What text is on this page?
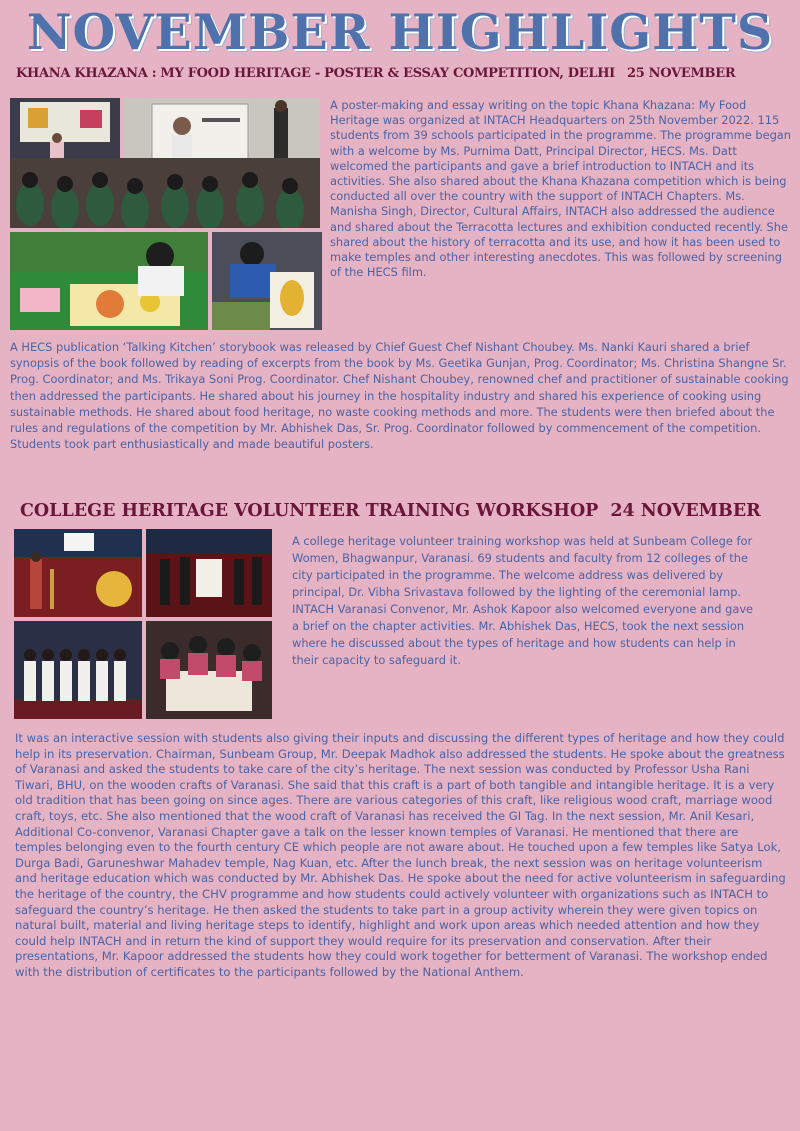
NOVEMBER HIGHLIGHTS
KHANA KHAZANA : MY FOOD HERITAGE - POSTER & ESSAY COMPETITION, DELHI 25 NOVEMBER

A poster-making and essay writing on the topic Khana Khazana: My Food Heritage was organized at INTACH Headquarters on 25th November 2022. 115 students from 39 schools participated in the programme. The programme began with a welcome by Ms. Purnima Datt, Principal Director, HECS. Ms. Datt welcomed the participants and gave a brief introduction to INTACH and its activities. She also shared about the Khana Khazana competition which is being conducted all over the country with the support of INTACH Chapters. Ms. Manisha Singh, Director, Cultural Affairs, INTACH also addressed the audience and shared about the Terracotta lectures and exhibition conducted recently. She shared about the history of terracotta and its use, and how it has been used to make temples and other interesting anecdotes. This was followed by screening of the HECS film.

A HECS publication ‘Talking Kitchen’ storybook was released by Chief Guest Chef Nishant Choubey. Ms. Nanki Kauri shared a brief synopsis of the book followed by reading of excerpts from the book by Ms. Geetika Gunjan, Prog. Coordinator; Ms. Christina Shangne Sr. Prog. Coordinator; and Ms. Trikaya Soni Prog. Coordinator. Chef Nishant Choubey, renowned chef and practitioner of sustainable cooking then addressed the participants. He shared about his journey in the hospitality industry and shared his experience of cooking using sustainable methods. He shared about food heritage, no waste cooking methods and more. The students were then briefed about the rules and regulations of the competition by Mr. Abhishek Das, Sr. Prog. Coordinator followed by commencement of the competition. Students took part enthusiastically and made beautiful posters.

COLLEGE HERITAGE VOLUNTEER TRAINING WORKSHOP 24 NOVEMBER

A college heritage volunteer training workshop was held at Sunbeam College for Women, Bhagwanpur, Varanasi. 69 students and faculty from 12 colleges of the city participated in the programme. The welcome address was delivered by principal, Dr. Vibha Srivastava followed by the lighting of the ceremonial lamp. INTACH Varanasi Convenor, Mr. Ashok Kapoor also welcomed everyone and gave a brief on the chapter activities. Mr. Abhishek Das, HECS, took the next session where he discussed about the types of heritage and how students can help in their capacity to safeguard it.

It was an interactive session with students also giving their inputs and discussing the different types of heritage and how they could help in its preservation. Chairman, Sunbeam Group, Mr. Deepak Madhok also addressed the students. He spoke about the greatness of Varanasi and asked the students to take care of the city’s heritage. The next session was conducted by Professor Usha Rani Tiwari, BHU, on the wooden crafts of Varanasi. She said that this craft is a part of both tangible and intangible heritage. It is a very old tradition that has been going on since ages. There are various categories of this craft, like religious wood craft, marriage wood craft, toys, etc. She also mentioned that the wood craft of Varanasi has received the GI Tag. In the next session, Mr. Anil Kesari, Additional Co-convenor, Varanasi Chapter gave a talk on the lesser known temples of Varanasi. He mentioned that there are temples belonging even to the fourth century CE which people are not aware about. He touched upon a few temples like Satya Lok, Durga Badi, Garuneshwar Mahadev temple, Nag Kuan, etc. After the lunch break, the next session was on heritage volunteerism and heritage education which was conducted by Mr. Abhishek Das. He spoke about the need for active volunteerism in safeguarding the heritage of the country, the CHV programme and how students could actively volunteer with organizations such as INTACH to safeguard the country’s heritage. He then asked the students to take part in a group activity wherein they were given topics on natural built, material and living heritage steps to identify, highlight and work upon areas which needed attention and how they could help INTACH and in return the kind of support they would require for its preservation and conservation. After their presentations, Mr. Kapoor addressed the students how they could work together for betterment of Varanasi. The workshop ended with the distribution of certificates to the participants followed by the National Anthem.
